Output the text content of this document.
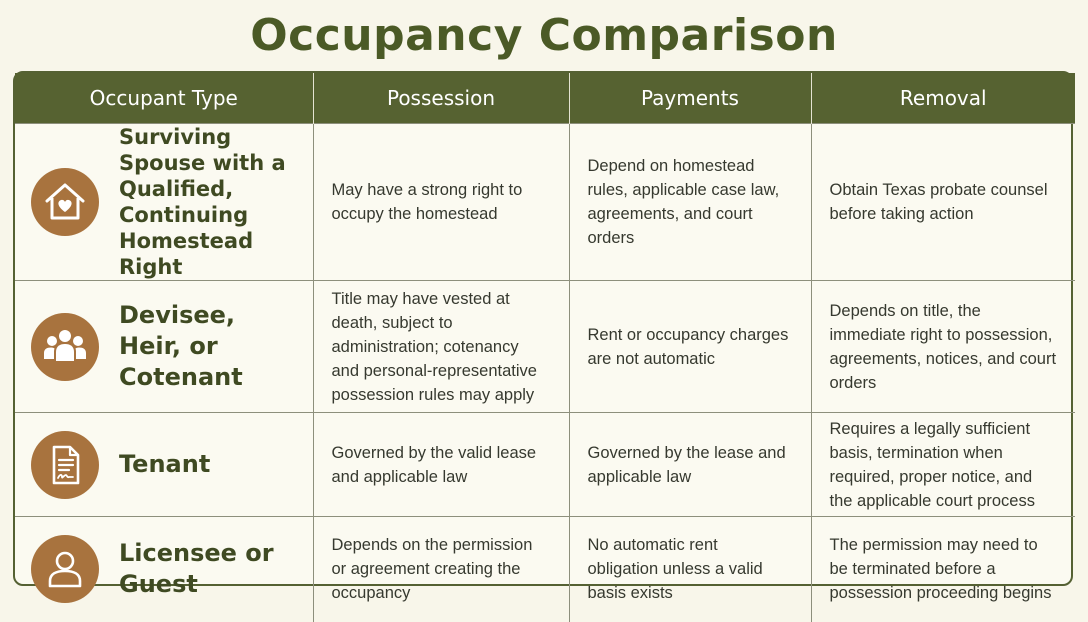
Occupancy Comparison
Occupant Type	Possession	Payments	Removal

Surviving Spouse with a Qualified, Continuing Homestead Right	May have a strong right to occupy the homestead	Depend on homestead rules, applicable case law, agreements, and court orders	Obtain Texas probate counsel before taking action

Devisee, Heir, or Cotenant	Title may have vested at death, subject to administration; cotenancy and personal-representative possession rules may apply	Rent or occupancy charges are not automatic	Depends on title, the immediate right to possession, agreements, notices, and court orders

Tenant	Governed by the valid lease and applicable law	Governed by the lease and applicable law	Requires a legally sufficient basis, termination when required, proper notice, and the applicable court process

Licensee or Guest	Depends on the permission or agreement creating the occupancy	No automatic rent obligation unless a valid basis exists	The permission may need to be terminated before a possession proceeding begins
